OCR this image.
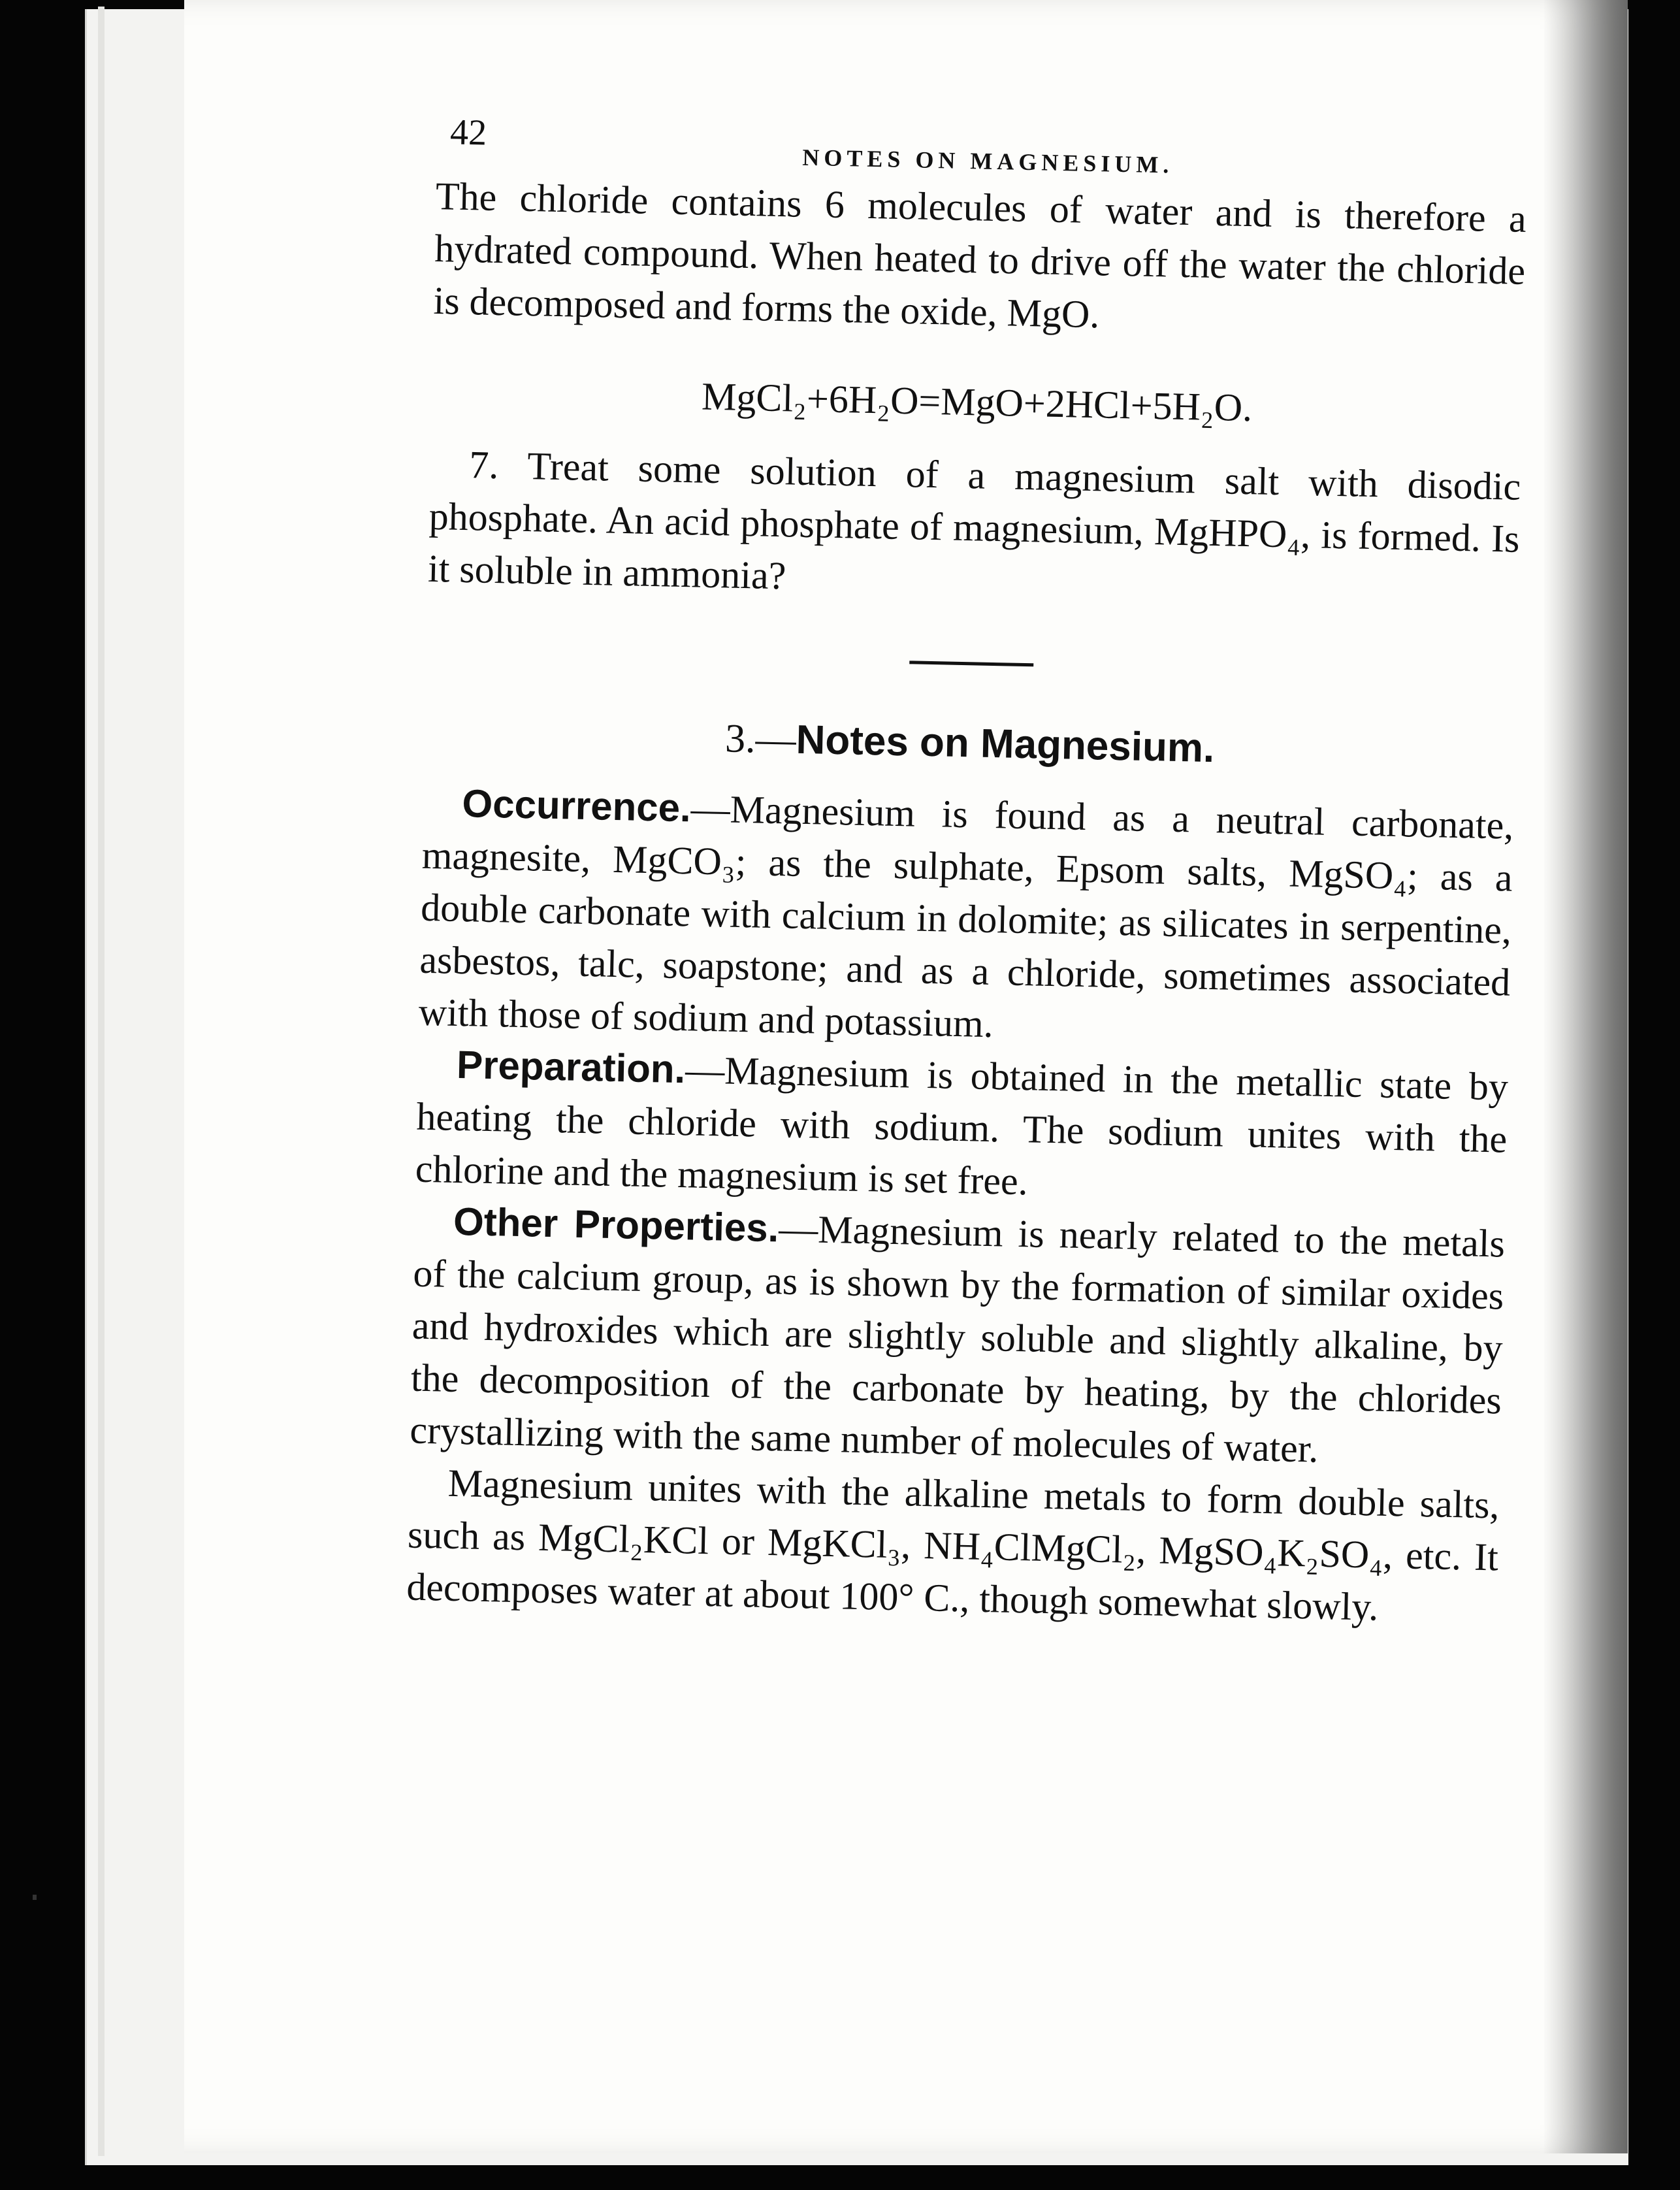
42
NOTES ON MAGNESIUM.

The chloride contains 6 molecules of water and is therefore a hydrated compound. When heated to drive off the water the chloride is decomposed and forms the oxide, MgO.

MgCl₂+6H₂O=MgO+2HCl+5H₂O.

7. Treat some solution of a magnesium salt with disodic phosphate. An acid phosphate of magnesium, MgHPO₄, is formed. Is it soluble in ammonia?

3.—Notes on Magnesium.

Occurrence.—Magnesium is found as a neutral carbonate, magnesite, MgCO₃; as the sulphate, Epsom salts, MgSO₄; as a double carbonate with calcium in dolomite; as silicates in serpentine, asbestos, talc, soapstone; and as a chloride, sometimes associated with those of sodium and potassium.

Preparation.—Magnesium is obtained in the metallic state by heating the chloride with sodium. The sodium unites with the chlorine and the magnesium is set free.

Other Properties.—Magnesium is nearly related to the metals of the calcium group, as is shown by the formation of similar oxides and hydroxides which are slightly soluble and slightly alkaline, by the decomposition of the carbonate by heating, by the chlorides crystallizing with the same number of molecules of water.

Magnesium unites with the alkaline metals to form double salts, such as MgCl₂KCl or MgKCl₃, NH₄ClMgCl₂, MgSO₄K₂SO₄, etc. It decomposes water at about 100° C., though somewhat slowly.
